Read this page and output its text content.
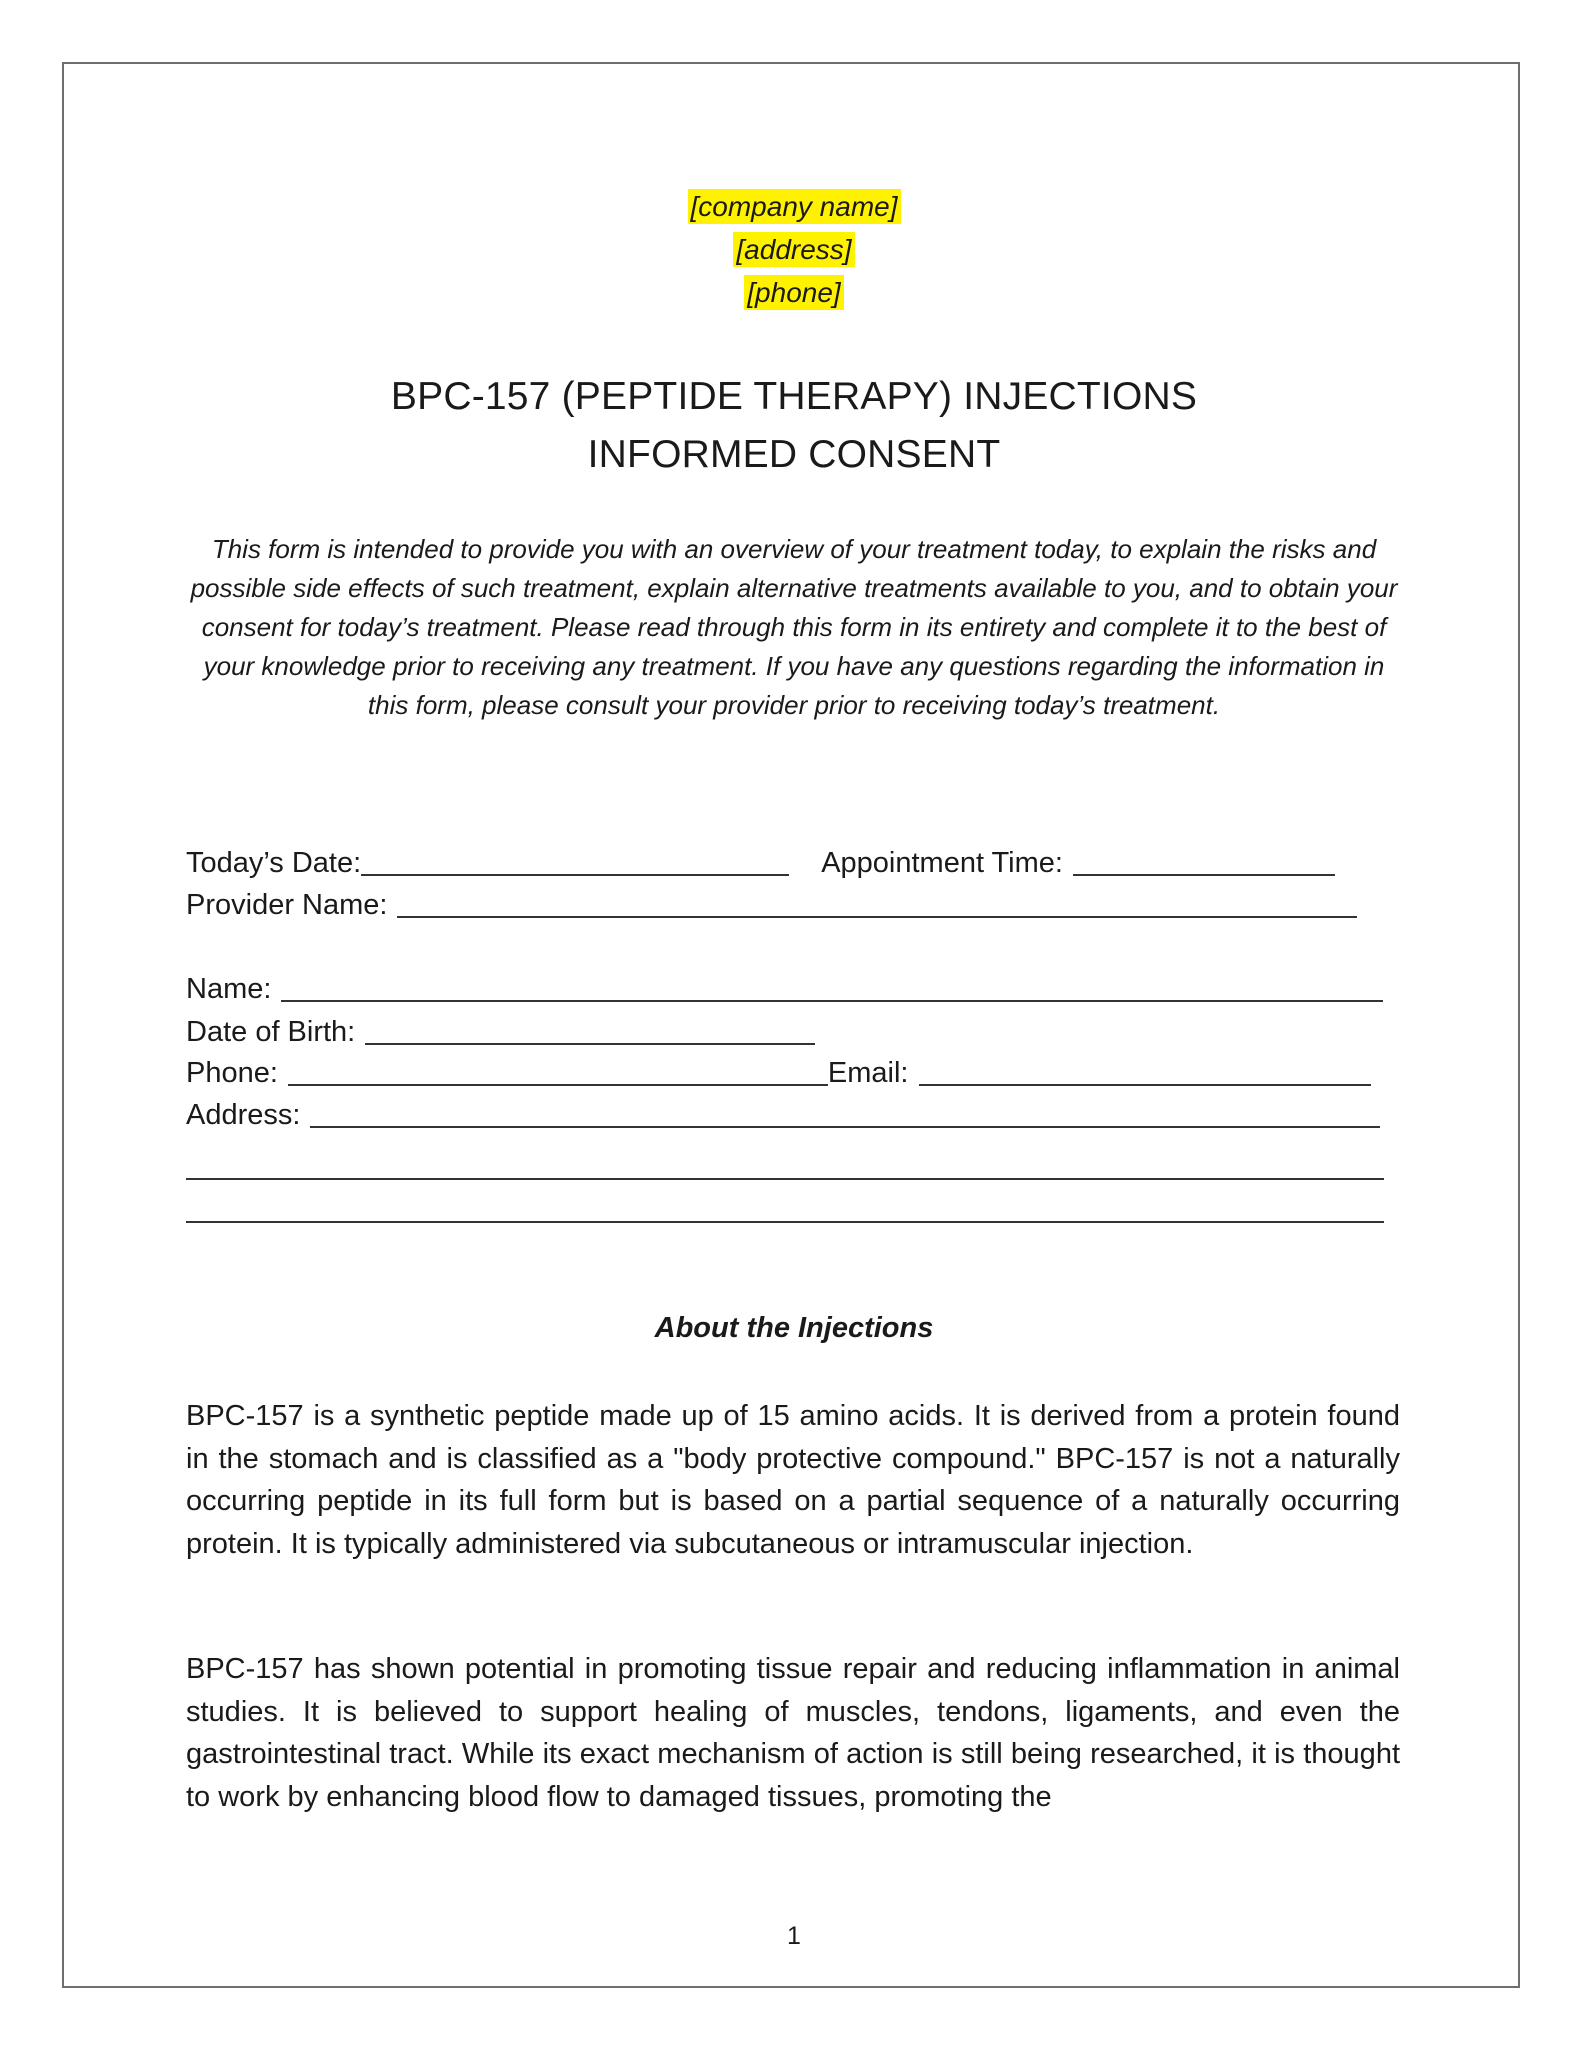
[company name]
[address]
[phone]
BPC-157 (PEPTIDE THERAPY) INJECTIONS
INFORMED CONSENT
This form is intended to provide you with an overview of your treatment today, to explain the risks and possible side effects of such treatment, explain alternative treatments available to you, and to obtain your consent for today’s treatment. Please read through this form in its entirety and complete it to the best of your knowledge prior to receiving any treatment. If you have any questions regarding the information in this form, please consult your provider prior to receiving today’s treatment.
Today’s Date:	Appointment Time:
Provider Name:
Name:
Date of Birth:
Phone:	Email:
Address:
About the Injections
BPC-157 is a synthetic peptide made up of 15 amino acids. It is derived from a protein found in the stomach and is classified as a "body protective compound." BPC-157 is not a naturally occurring peptide in its full form but is based on a partial sequence of a naturally occurring protein. It is typically administered via subcutaneous or intramuscular injection.
BPC-157 has shown potential in promoting tissue repair and reducing inflammation in animal studies. It is believed to support healing of muscles, tendons, ligaments, and even the gastrointestinal tract. While its exact mechanism of action is still being researched, it is thought to work by enhancing blood flow to damaged tissues, promoting the
1
